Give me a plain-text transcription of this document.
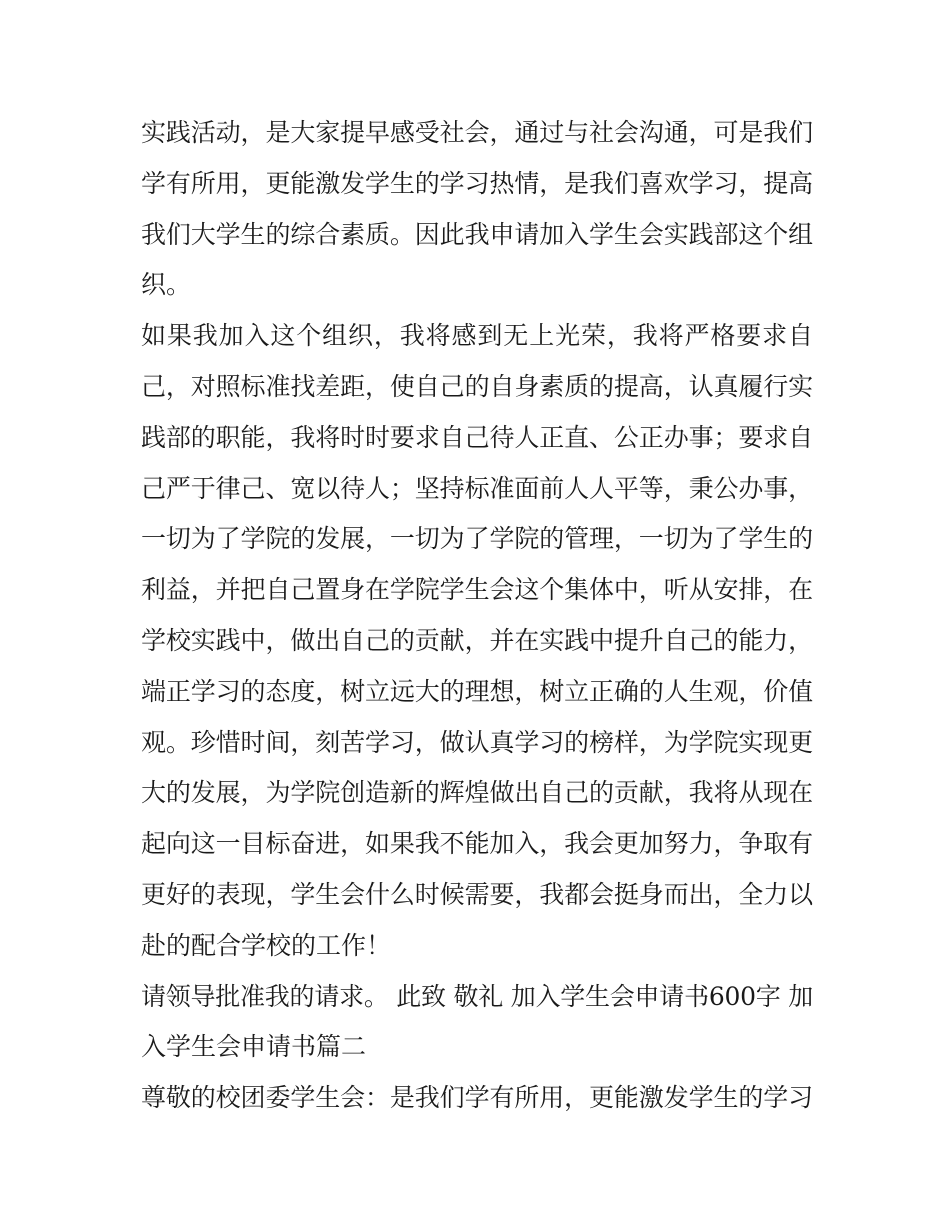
实践活动，是大家提早感受社会，通过与社会沟通，可是我们
学有所用，更能激发学生的学习热情，是我们喜欢学习，提高
我们大学生的综合素质。因此我申请加入学生会实践部这个组
织。
如果我加入这个组织，我将感到无上光荣，我将严格要求自
己，对照标准找差距，使自己的自身素质的提高，认真履行实
践部的职能，我将时时要求自己待人正直、公正办事；要求自
己严于律己、宽以待人；坚持标准面前人人平等，秉公办事，
一切为了学院的发展，一切为了学院的管理，一切为了学生的
利益，并把自己置身在学院学生会这个集体中，听从安排，在
学校实践中，做出自己的贡献，并在实践中提升自己的能力，
端正学习的态度，树立远大的理想，树立正确的人生观，价值
观。珍惜时间，刻苦学习，做认真学习的榜样，为学院实现更
大的发展，为学院创造新的辉煌做出自己的贡献，我将从现在
起向这一目标奋进，如果我不能加入，我会更加努力，争取有
更好的表现，学生会什么时候需要，我都会挺身而出，全力以
赴的配合学校的工作！
请领导批准我的请求。 此致 敬礼 加入学生会申请书600字 加
入学生会申请书篇二
尊敬的校团委学生会：是我们学有所用，更能激发学生的学习
